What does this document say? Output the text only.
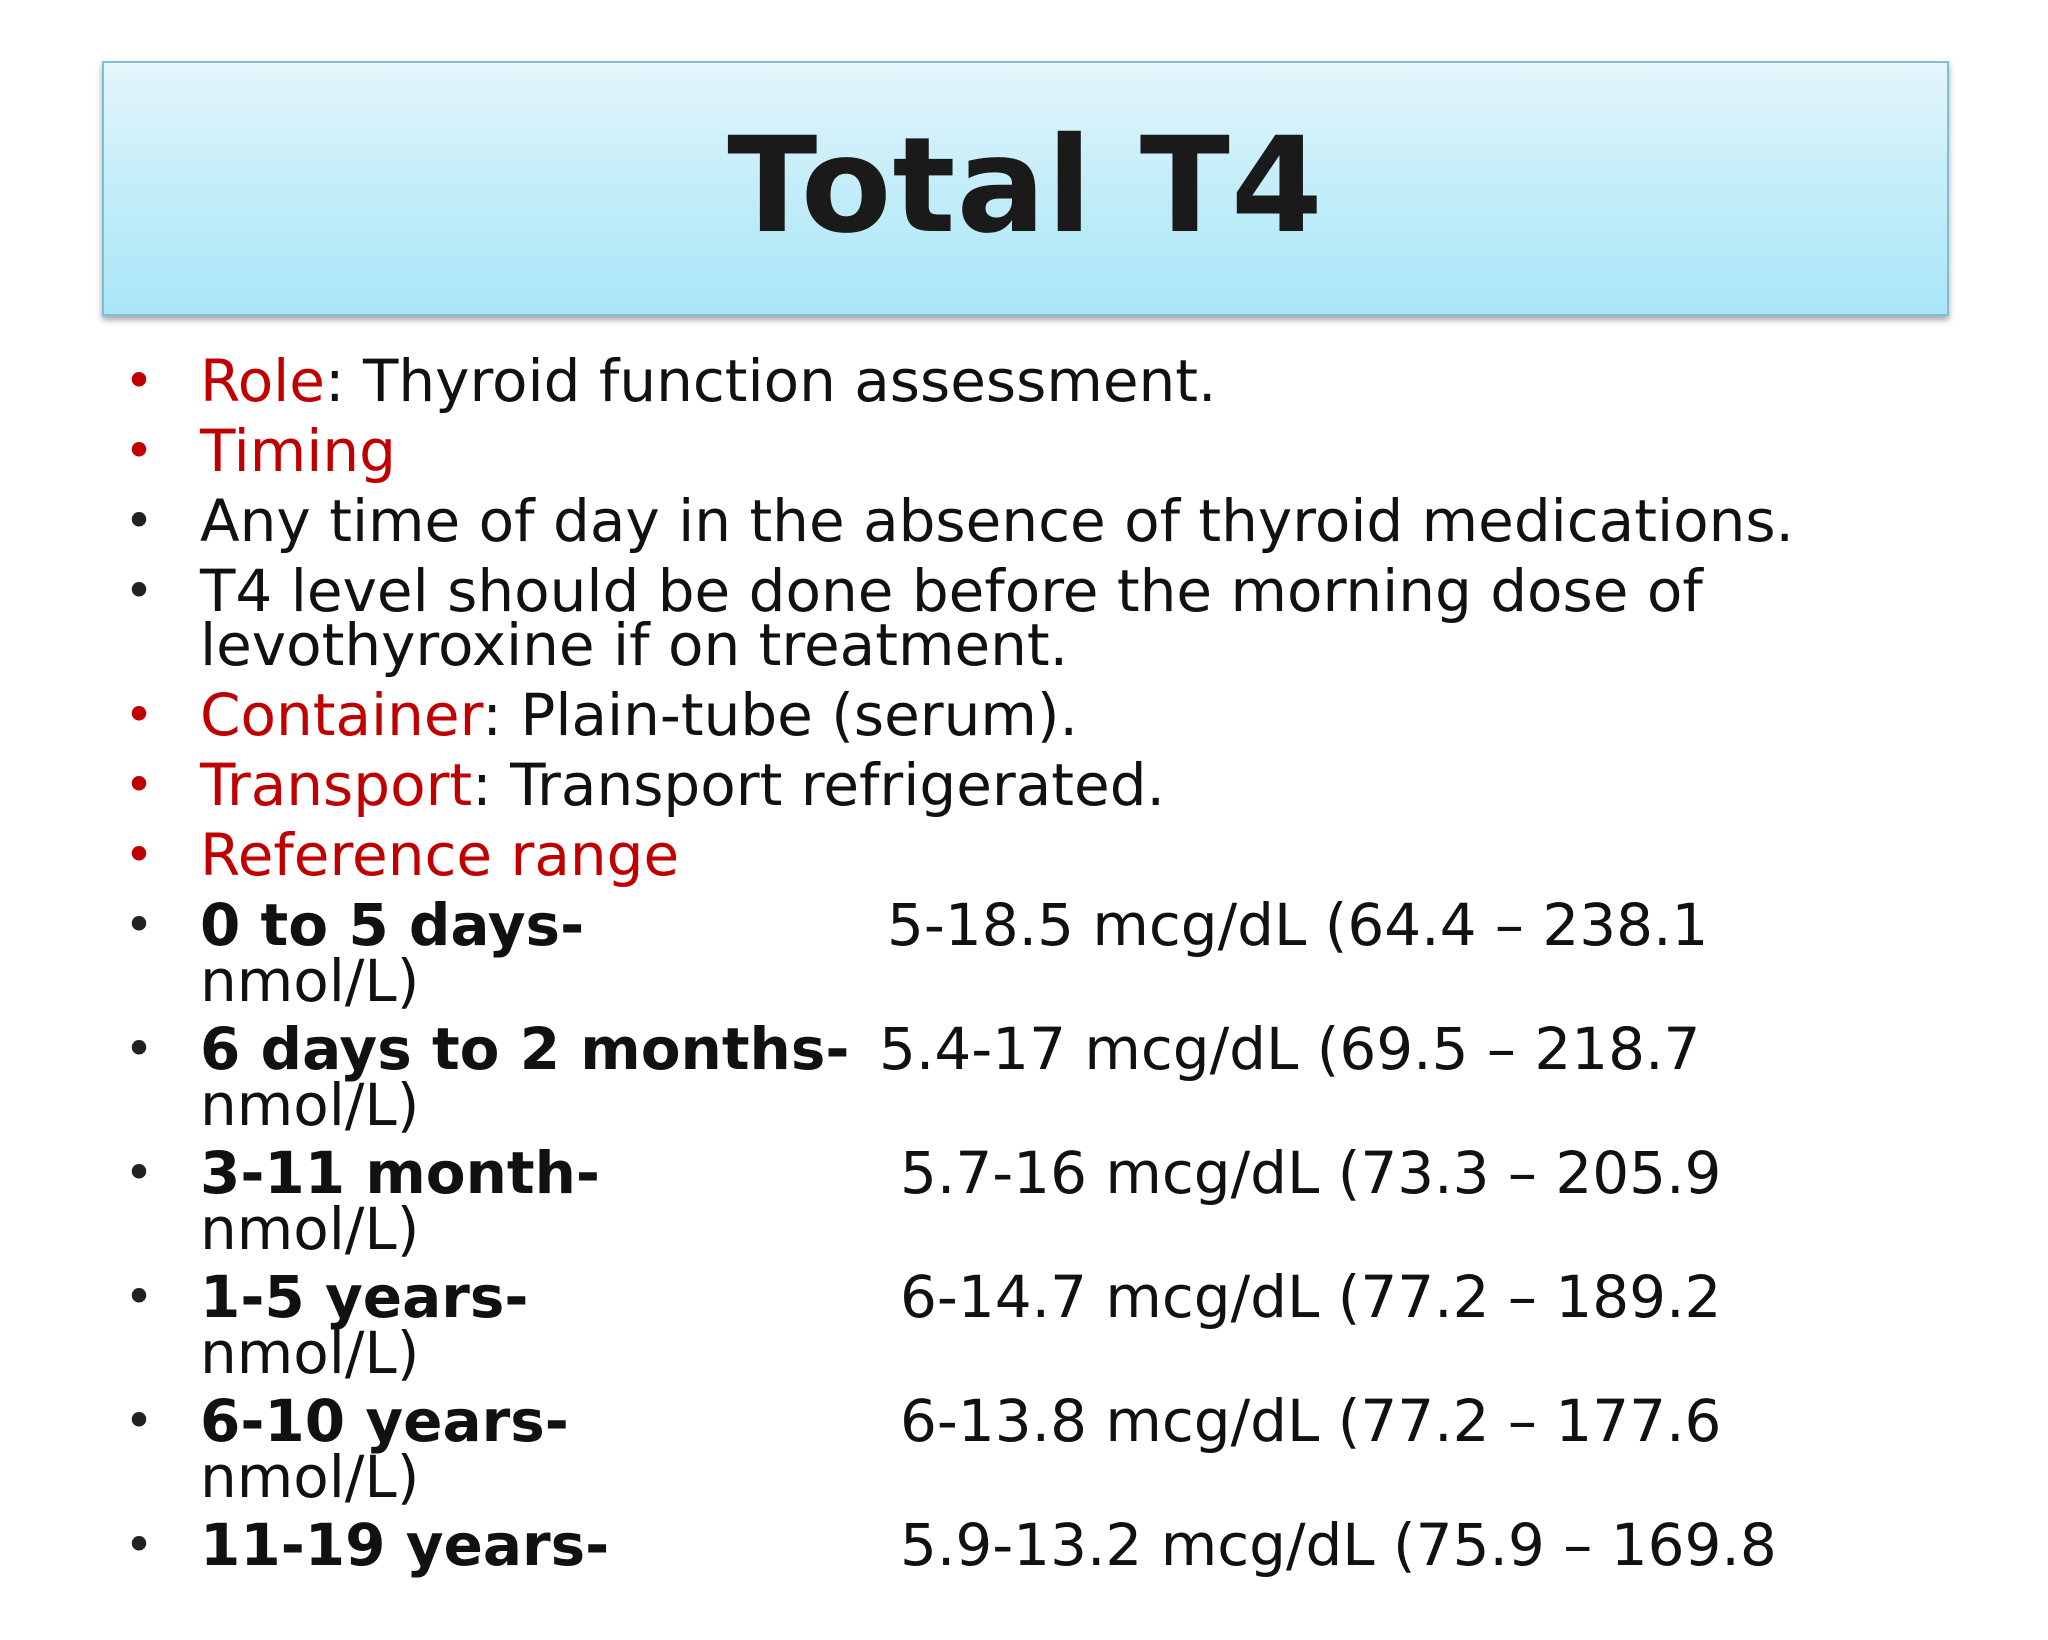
Total T4
• Role: Thyroid function assessment.
• Timing
• Any time of day in the absence of thyroid medications.
• T4 level should be done before the morning dose of
levothyroxine if on treatment.
• Container: Plain-tube (serum).
• Transport: Transport refrigerated.
• Reference range
• 0 to 5 days-	5-18.5 mcg/dL (64.4 – 238.1
nmol/L)
• 6 days to 2 months- 5.4-17 mcg/dL (69.5 – 218.7
nmol/L)
• 3-11 month-	5.7-16 mcg/dL (73.3 – 205.9
nmol/L)
• 1-5 years-	6-14.7 mcg/dL (77.2 – 189.2
nmol/L)
• 6-10 years-	6-13.8 mcg/dL (77.2 – 177.6
nmol/L)
• 11-19 years-	5.9-13.2 mcg/dL (75.9 – 169.8
